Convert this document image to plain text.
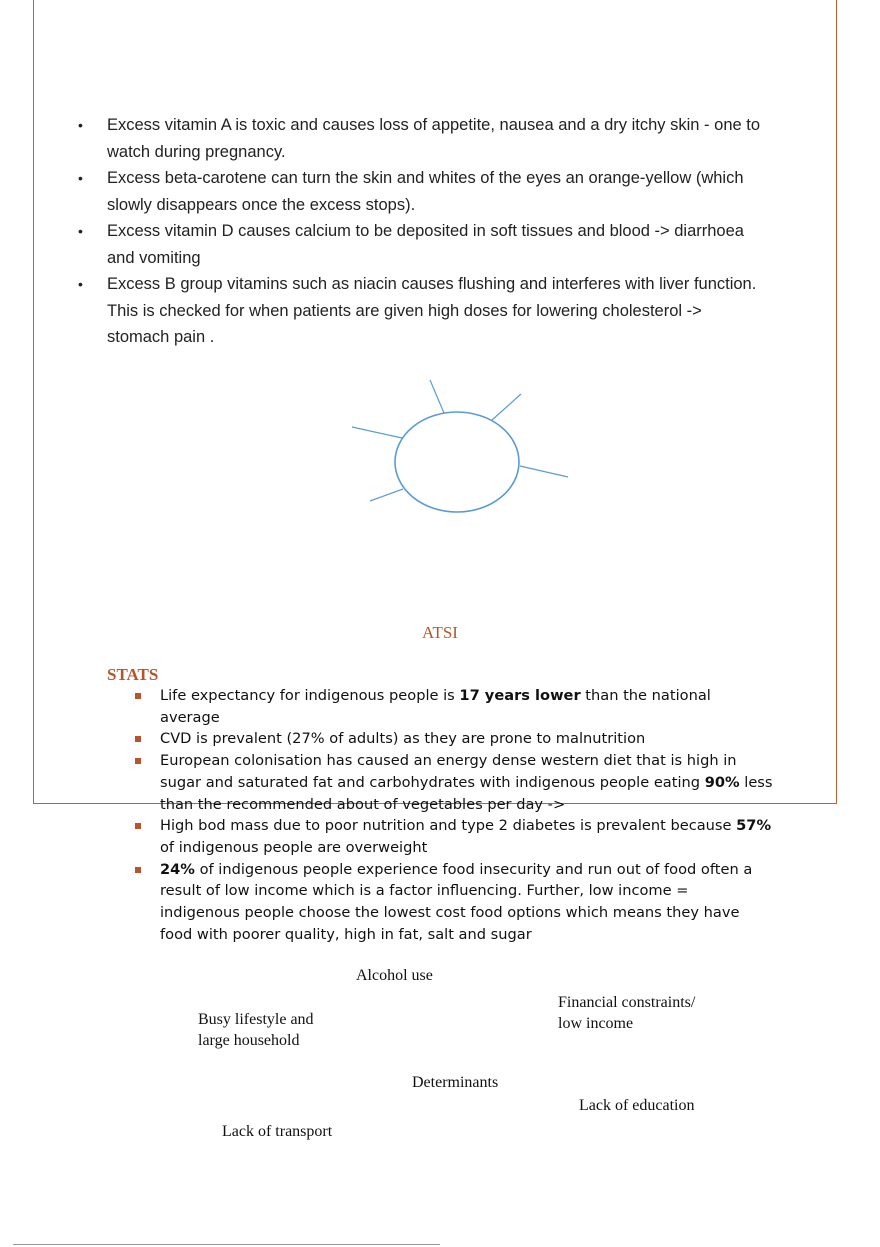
• Excess vitamin A is toxic and causes loss of appetite, nausea and a dry itchy skin - one to watch during pregnancy.
• Excess beta-carotene can turn the skin and whites of the eyes an orange-yellow (which slowly disappears once the excess stops).
• Excess vitamin D causes calcium to be deposited in soft tissues and blood -> diarrhoea and vomiting
• Excess B group vitamins such as niacin causes flushing and interferes with liver function. This is checked for when patients are given high doses for lowering cholesterol -> stomach pain .
ATSI
STATS
Life expectancy for indigenous people is 17 years lower than the national average
CVD is prevalent (27% of adults) as they are prone to malnutrition
European colonisation has caused an energy dense western diet that is high in sugar and saturated fat and carbohydrates with indigenous people eating 90% less than the recommended about of vegetables per day ->
High bod mass due to poor nutrition and type 2 diabetes is prevalent because 57% of indigenous people are overweight
24% of indigenous people experience food insecurity and run out of food often a result of low income which is a factor influencing. Further, low income = indigenous people choose the lowest cost food options which means they have food with poorer quality, high in fat, salt and sugar
Alcohol use
Financial constraints/
low income
Busy lifestyle and
large household
Determinants
Lack of education
Lack of transport
